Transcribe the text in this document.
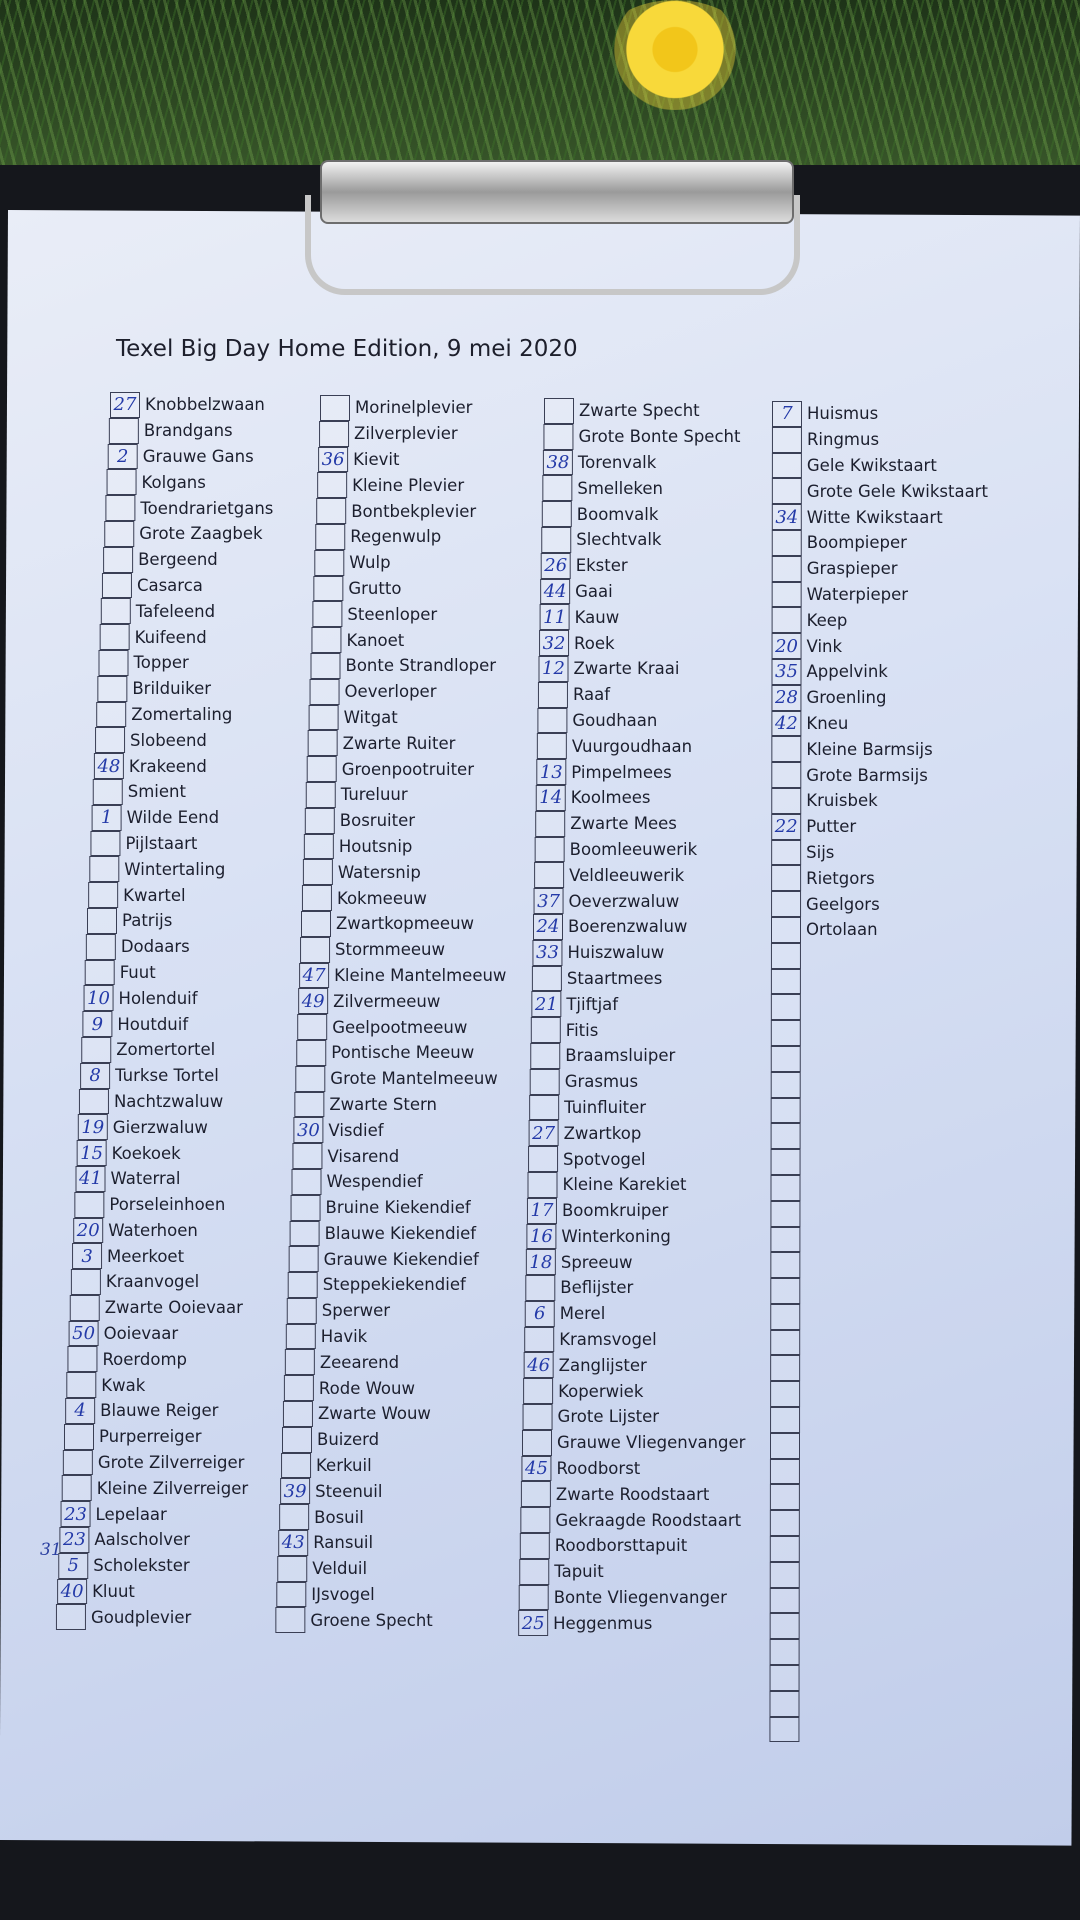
Texel Big Day Home Edition, 9 mei 2020
27 Knobbelzwaan
Brandgans
2 Grauwe Gans
Kolgans
Toendrarietgans
Grote Zaagbek
Bergeend
Casarca
Tafeleend
Kuifeend
Topper
Brilduiker
Zomertaling
Slobeend
48 Krakeend
Smient
1 Wilde Eend
Pijlstaart
Wintertaling
Kwartel
Patrijs
Dodaars
Fuut
10 Holenduif
9 Houtduif
Zomertortel
8 Turkse Tortel
Nachtzwaluw
19 Gierzwaluw
15 Koekoek
41 Waterral
Porseleinhoen
20 Waterhoen
3 Meerkoet
Kraanvogel
Zwarte Ooievaar
50 Ooievaar
Roerdomp
Kwak
4 Blauwe Reiger
Purperreiger
Grote Zilverreiger
Kleine Zilverreiger
23 Lepelaar
23 Aalscholver
5 Scholekster
40 Kluut
Goudplevier
Morinelplevier
Zilverplevier
36 Kievit
Kleine Plevier
Bontbekplevier
Regenwulp
Wulp
Grutto
Steenloper
Kanoet
Bonte Strandloper
Oeverloper
Witgat
Zwarte Ruiter
Groenpootruiter
Tureluur
Bosruiter
Houtsnip
Watersnip
Kokmeeuw
Zwartkopmeeuw
Stormmeeuw
47 Kleine Mantelmeeuw
49 Zilvermeeuw
Geelpootmeeuw
Pontische Meeuw
Grote Mantelmeeuw
Zwarte Stern
30 Visdief
Visarend
Wespendief
Bruine Kiekendief
Blauwe Kiekendief
Grauwe Kiekendief
Steppekiekendief
Sperwer
Havik
Zeearend
Rode Wouw
Zwarte Wouw
Buizerd
Kerkuil
39 Steenuil
Bosuil
43 Ransuil
Velduil
IJsvogel
Groene Specht
Zwarte Specht
Grote Bonte Specht
38 Torenvalk
Smelleken
Boomvalk
Slechtvalk
26 Ekster
44 Gaai
11 Kauw
32 Roek
12 Zwarte Kraai
Raaf
Goudhaan
Vuurgoudhaan
13 Pimpelmees
14 Koolmees
Zwarte Mees
Boomleeuwerik
Veldleeuwerik
37 Oeverzwaluw
24 Boerenzwaluw
33 Huiszwaluw
Staartmees
21 Tjiftjaf
Fitis
Braamsluiper
Grasmus
Tuinfluiter
27 Zwartkop
Spotvogel
Kleine Karekiet
17 Boomkruiper
16 Winterkoning
18 Spreeuw
Beflijster
6 Merel
Kramsvogel
46 Zanglijster
Koperwiek
Grote Lijster
Grauwe Vliegenvanger
45 Roodborst
Zwarte Roodstaart
Gekraagde Roodstaart
Roodborsttapuit
Tapuit
Bonte Vliegenvanger
25 Heggenmus
7 Huismus
Ringmus
Gele Kwikstaart
Grote Gele Kwikstaart
34 Witte Kwikstaart
Boompieper
Graspieper
Waterpieper
Keep
20 Vink
35 Appelvink
28 Groenling
42 Kneu
Kleine Barmsijs
Grote Barmsijs
Kruisbek
22 Putter
Sijs
Rietgors
Geelgors
Ortolaan
31
